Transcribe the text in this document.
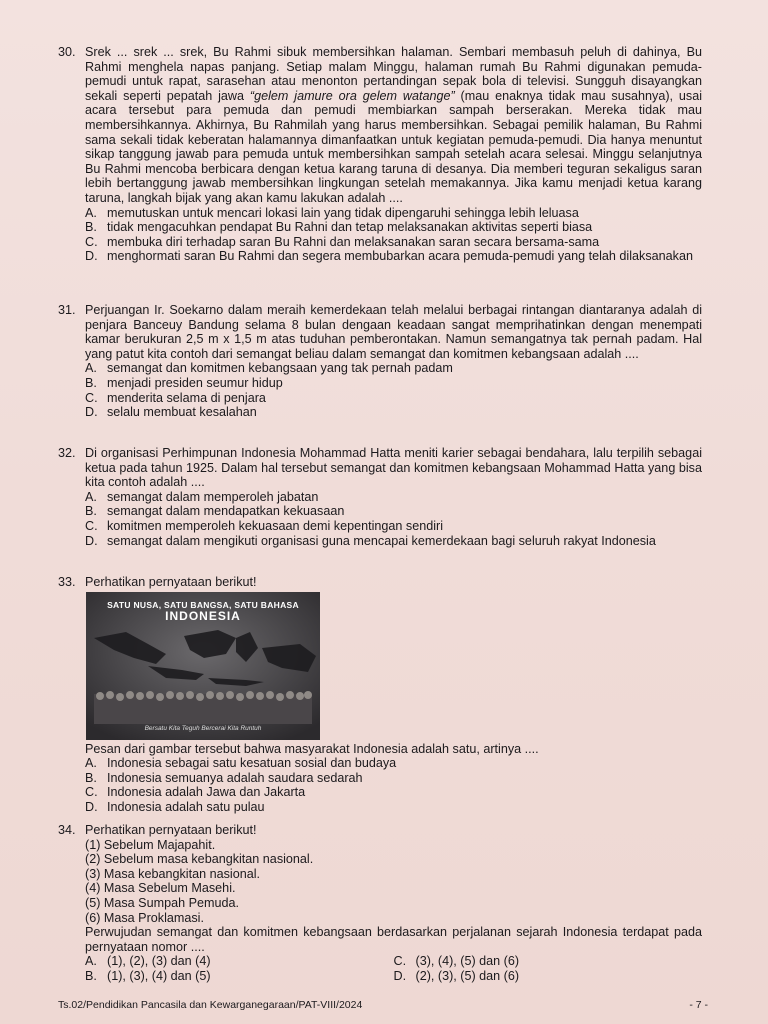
30. Srek ... srek ... srek, Bu Rahmi sibuk membersihkan halaman. Sembari membasuh peluh di dahinya, Bu Rahmi menghela napas panjang. Setiap malam Minggu, halaman rumah Bu Rahmi digunakan pemuda-pemudi untuk rapat, sarasehan atau menonton pertandingan sepak bola di televisi. Sungguh disayangkan sekali seperti pepatah jawa “gelem jamure ora gelem watange” (mau enaknya tidak mau susahnya), usai acara tersebut para pemuda dan pemudi membiarkan sampah berserakan. Mereka tidak mau membersihkannya. Akhirnya, Bu Rahmilah yang harus membersihkan. Sebagai pemilik halaman, Bu Rahmi sama sekali tidak keberatan halamannya dimanfaatkan untuk kegiatan pemuda-pemudi. Dia hanya menuntut sikap tanggung jawab para pemuda untuk membersihkan sampah setelah acara selesai. Minggu selanjutnya Bu Rahmi mencoba berbicara dengan ketua karang taruna di desanya. Dia memberi teguran sekaligus saran lebih bertanggung jawab membersihkan lingkungan setelah memakannya. Jika kamu menjadi ketua karang taruna, langkah bijak yang akan kamu lakukan adalah ....
A. memutuskan untuk mencari lokasi lain yang tidak dipengaruhi sehingga lebih leluasa
B. tidak mengacuhkan pendapat Bu Rahni dan tetap melaksanakan aktivitas seperti biasa
C. membuka diri terhadap saran Bu Rahni dan melaksanakan saran secara bersama-sama
D. menghormati saran Bu Rahmi dan segera membubarkan acara pemuda-pemudi yang telah dilaksanakan
31. Perjuangan Ir. Soekarno dalam meraih kemerdekaan telah melalui berbagai rintangan diantaranya adalah di penjara Banceuy Bandung selama 8 bulan dengaan keadaan sangat memprihatinkan dengan menempati kamar berukuran 2,5 m x 1,5 m atas tuduhan pemberontakan. Namun semangatnya tak pernah padam. Hal yang patut kita contoh dari semangat beliau dalam semangat dan komitmen kebangsaan adalah ....
A. semangat dan komitmen kebangsaan yang tak pernah padam
B. menjadi presiden seumur hidup
C. menderita selama di penjara
D. selalu membuat kesalahan
32. Di organisasi Perhimpunan Indonesia Mohammad Hatta meniti karier sebagai bendahara, lalu terpilih sebagai ketua pada tahun 1925. Dalam hal tersebut semangat dan komitmen kebangsaan Mohammad Hatta yang bisa kita contoh adalah ....
A. semangat dalam memperoleh jabatan
B. semangat dalam mendapatkan kekuasaan
C. komitmen memperoleh kekuasaan demi kepentingan sendiri
D. semangat dalam mengikuti organisasi guna mencapai kemerdekaan bagi seluruh rakyat Indonesia
33. Perhatikan pernyataan berikut!
SATU NUSA, SATU BANGSA, SATU BAHASA
INDONESIA
Bersatu Kita Teguh Bercerai Kita Runtuh
Pesan dari gambar tersebut bahwa masyarakat Indonesia adalah satu, artinya ....
A. Indonesia sebagai satu kesatuan sosial dan budaya
B. Indonesia semuanya adalah saudara sedarah
C. Indonesia adalah Jawa dan Jakarta
D. Indonesia adalah satu pulau
34. Perhatikan pernyataan berikut!
(1) Sebelum Majapahit.
(2) Sebelum masa kebangkitan nasional.
(3) Masa kebangkitan nasional.
(4) Masa Sebelum Masehi.
(5) Masa Sumpah Pemuda.
(6) Masa Proklamasi.
Perwujudan semangat dan komitmen kebangsaan berdasarkan perjalanan sejarah Indonesia terdapat pada pernyataan nomor ....
A. (1), (2), (3) dan (4)
B. (1), (3), (4) dan (5)
C. (3), (4), (5) dan (6)
D. (2), (3), (5) dan (6)
Ts.02/Pendidikan Pancasila dan Kewarganegaraan/PAT-VIII/2024	- 7 -
